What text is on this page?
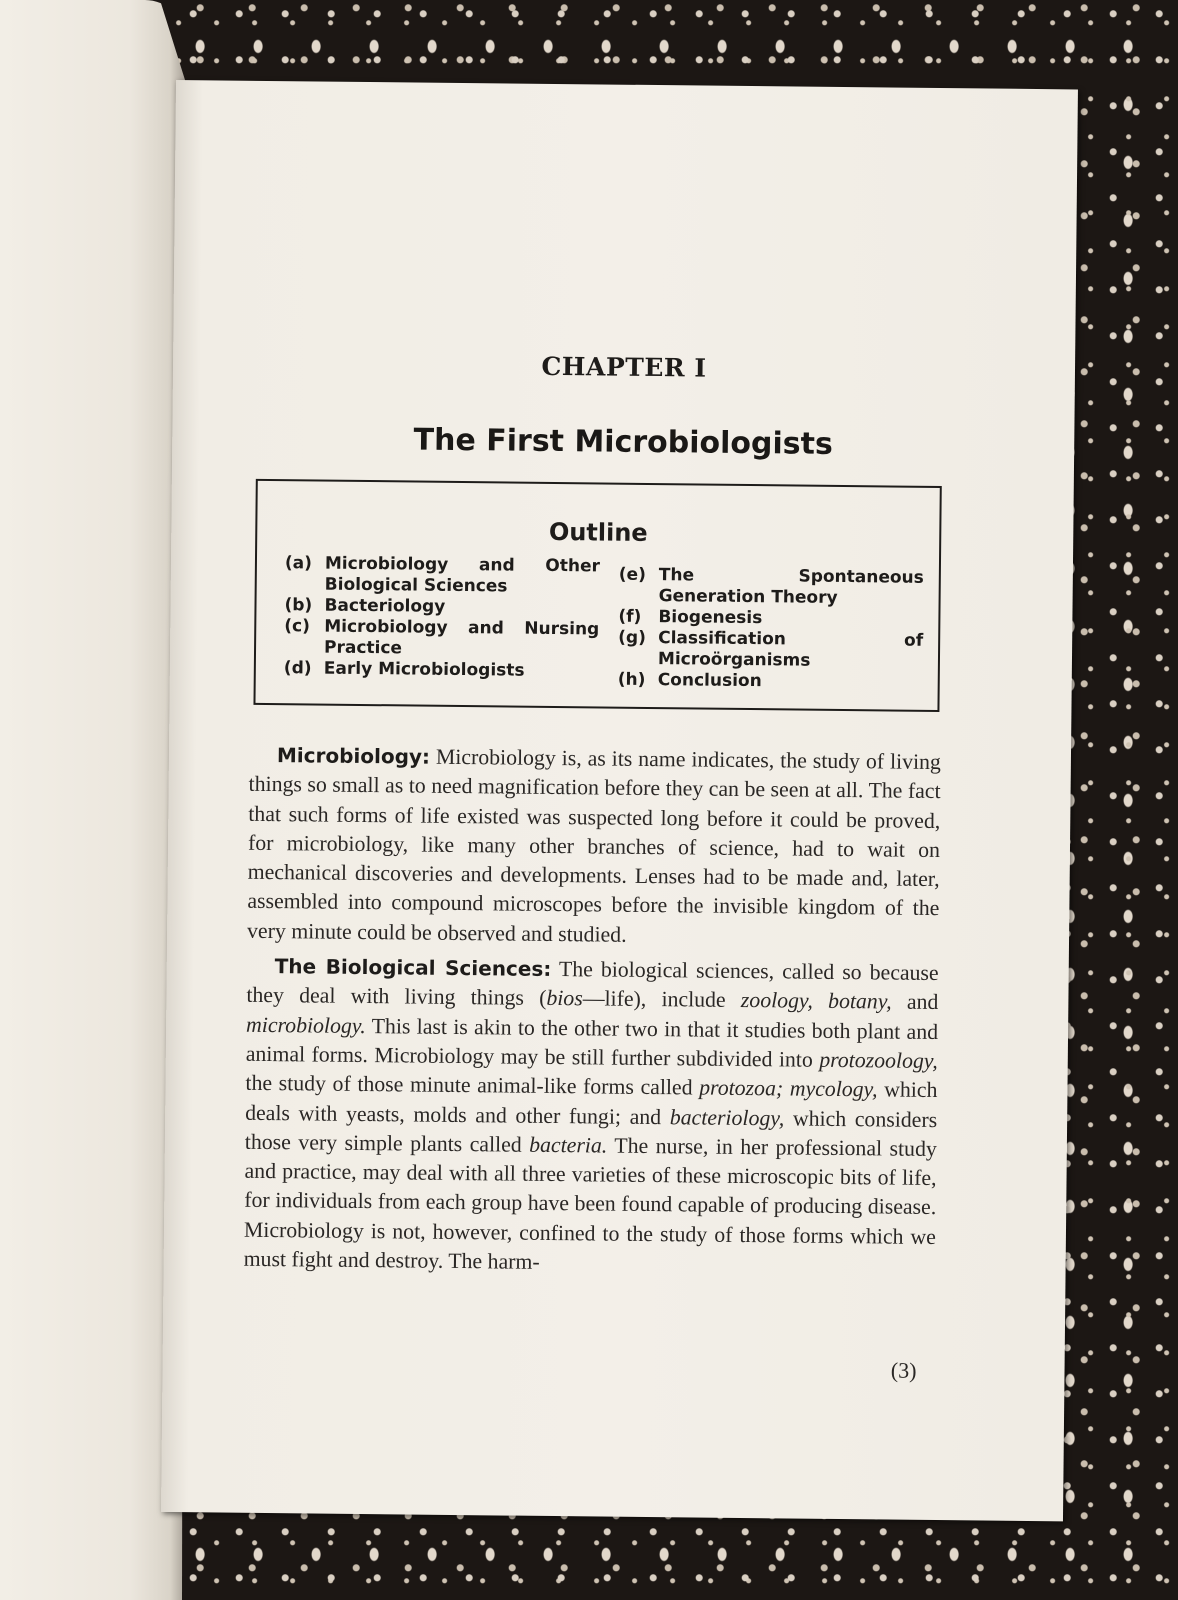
CHAPTER I
The First Microbiologists
Outline
(a) Microbiology and Other Biological Sciences
(b) Bacteriology
(c) Microbiology and Nursing Practice
(d) Early Microbiologists
(e) The Spontaneous Generation Theory
(f) Biogenesis
(g) Classification of Microörganisms
(h) Conclusion

Microbiology: Microbiology is, as its name indicates, the study of living things so small as to need magnification before they can be seen at all. The fact that such forms of life existed was suspected long before it could be proved, for microbiology, like many other branches of science, had to wait on mechanical discoveries and developments. Lenses had to be made and, later, assembled into compound microscopes before the invisible kingdom of the very minute could be observed and studied.

The Biological Sciences: The biological sciences, called so because they deal with living things (bios—life), include zoology, botany, and microbiology. This last is akin to the other two in that it studies both plant and animal forms. Microbiology may be still further subdivided into protozoology, the study of those minute animal-like forms called protozoa; mycology, which deals with yeasts, molds and other fungi; and bacteriology, which considers those very simple plants called bacteria. The nurse, in her professional study and practice, may deal with all three varieties of these microscopic bits of life, for individuals from each group have been found capable of producing disease. Microbiology is not, however, confined to the study of those forms which we must fight and destroy. The harm-

(3)
